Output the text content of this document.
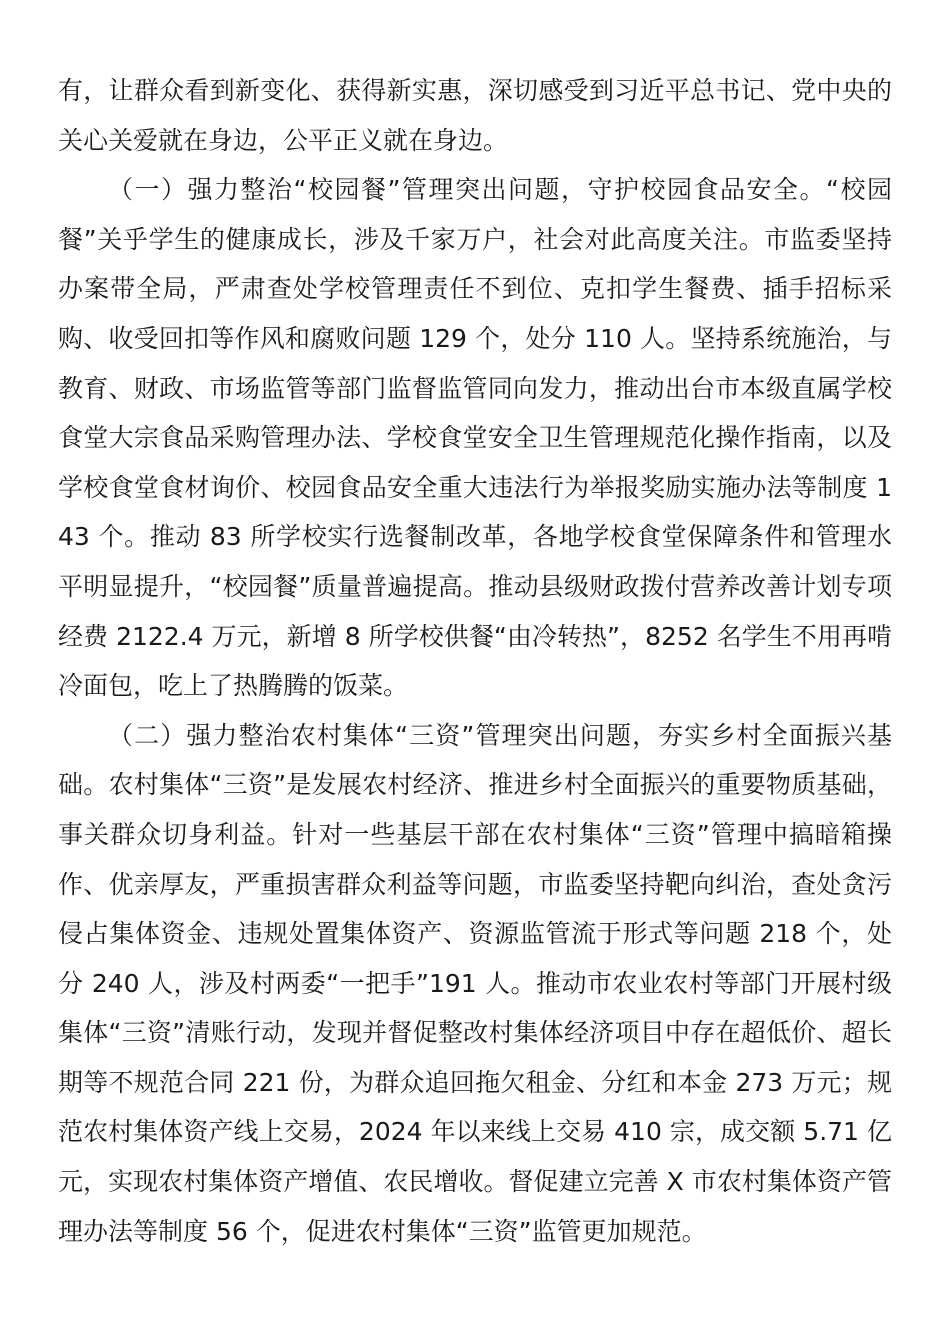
有，让群众看到新变化、获得新实惠，深切感受到习近平总书记、党中央的关心关爱就在身边，公平正义就在身边。

（一）强力整治“校园餐”管理突出问题，守护校园食品安全。“校园餐”关乎学生的健康成长，涉及千家万户，社会对此高度关注。市监委坚持办案带全局，严肃查处学校管理责任不到位、克扣学生餐费、插手招标采购、收受回扣等作风和腐败问题 129 个，处分 110 人。坚持系统施治，与教育、财政、市场监管等部门监督监管同向发力，推动出台市本级直属学校食堂大宗食品采购管理办法、学校食堂安全卫生管理规范化操作指南，以及学校食堂食材询价、校园食品安全重大违法行为举报奖励实施办法等制度 143 个。推动 83 所学校实行选餐制改革，各地学校食堂保障条件和管理水平明显提升，“校园餐”质量普遍提高。推动县级财政拨付营养改善计划专项经费 2122.4 万元，新增 8 所学校供餐“由冷转热”，8252 名学生不用再啃冷面包，吃上了热腾腾的饭菜。

（二）强力整治农村集体“三资”管理突出问题，夯实乡村全面振兴基础。农村集体“三资”是发展农村经济、推进乡村全面振兴的重要物质基础，事关群众切身利益。针对一些基层干部在农村集体“三资”管理中搞暗箱操作、优亲厚友，严重损害群众利益等问题，市监委坚持靶向纠治，查处贪污侵占集体资金、违规处置集体资产、资源监管流于形式等问题 218 个，处分 240 人，涉及村两委“一把手”191 人。推动市农业农村等部门开展村级集体“三资”清账行动，发现并督促整改村集体经济项目中存在超低价、超长期等不规范合同 221 份，为群众追回拖欠租金、分红和本金 273 万元；规范农村集体资产线上交易，2024 年以来线上交易 410 宗，成交额 5.71 亿元，实现农村集体资产增值、农民增收。督促建立完善 X 市农村集体资产管理办法等制度 56 个，促进农村集体“三资”监管更加规范。
